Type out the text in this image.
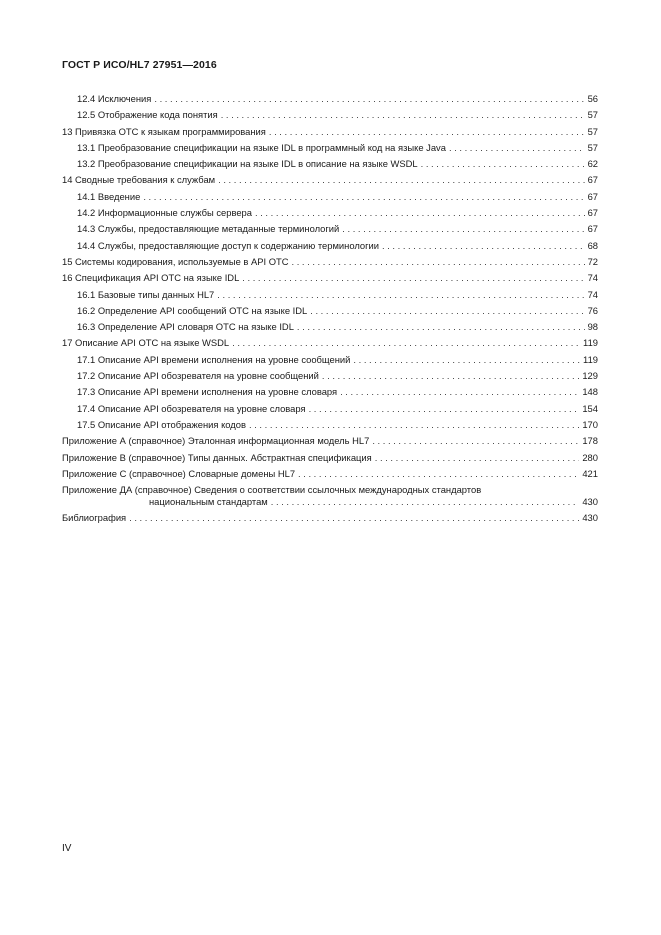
ГОСТ Р ИСО/HL7 27951—2016
12.4 Исключения . . .	56
12.5 Отображение кода понятия . . .	57
13 Привязка ОТС к языкам программирования . . .	57
13.1 Преобразование спецификации на языке IDL в программный код на языке Java . . .	57
13.2 Преобразование спецификации на языке IDL в описание на языке WSDL . . .	62
14 Сводные требования к службам . . .	67
14.1 Введение . . .	67
14.2 Информационные службы сервера . . .	67
14.3 Службы, предоставляющие метаданные терминологий . . .	67
14.4 Службы, предоставляющие доступ к содержанию терминологии . . .	68
15 Системы кодирования, используемые в API ОТС . . .	72
16 Спецификация API ОТС на языке IDL . . .	74
16.1 Базовые типы данных HL7 . . .	74
16.2 Определение API сообщений ОТС на языке IDL . . .	76
16.3 Определение API словаря ОТС на языке IDL . . .	98
17 Описание API ОТС на языке WSDL . . .	119
17.1 Описание API времени исполнения на уровне сообщений . . .	119
17.2 Описание API обозревателя на уровне сообщений . . .	129
17.3 Описание API времени исполнения на уровне словаря . . .	148
17.4 Описание API обозревателя на уровне словаря . . .	154
17.5 Описание API отображения кодов . . .	170
Приложение А (справочное) Эталонная информационная модель HL7 . . .	178
Приложение В (справочное) Типы данных. Абстрактная спецификация . . .	280
Приложение С (справочное) Словарные домены HL7 . . .	421
Приложение ДА (справочное) Сведения о соответствии ссылочных международных стандартов
национальным стандартам . . .	430
Библиография . . .	430
IV
